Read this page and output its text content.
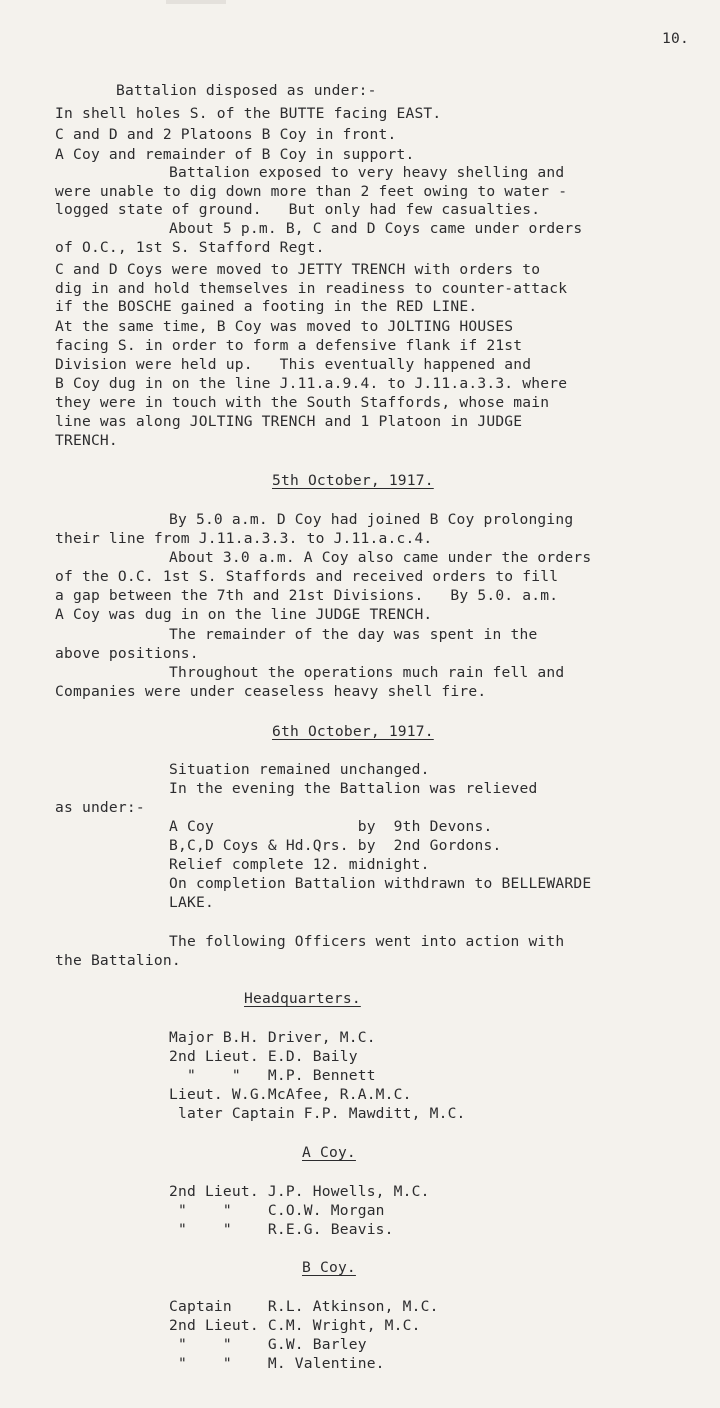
10.
Battalion disposed as under:-
In shell holes S. of the BUTTE facing EAST.
C and D and 2 Platoons B Coy in front.
A Coy and remainder of B Coy in support.
Battalion exposed to very heavy shelling and
were unable to dig down more than 2 feet owing to water -
logged state of ground.   But only had few casualties.
About 5 p.m. B, C and D Coys came under orders
of O.C., 1st S. Stafford Regt.
C and D Coys were moved to JETTY TRENCH with orders to
dig in and hold themselves in readiness to counter-attack
if the BOSCHE gained a footing in the RED LINE.
At the same time, B Coy was moved to JOLTING HOUSES
facing S. in order to form a defensive flank if 21st
Division were held up.   This eventually happened and
B Coy dug in on the line J.11.a.9.4. to J.11.a.3.3. where
they were in touch with the South Staffords, whose main
line was along JOLTING TRENCH and 1 Platoon in JUDGE
TRENCH.
5th October, 1917.
By 5.0 a.m. D Coy had joined B Coy prolonging
their line from J.11.a.3.3. to J.11.a.c.4.
About 3.0 a.m. A Coy also came under the orders
of the O.C. 1st S. Staffords and received orders to fill
a gap between the 7th and 21st Divisions.   By 5.0. a.m.
A Coy was dug in on the line JUDGE TRENCH.
The remainder of the day was spent in the
above positions.
Throughout the operations much rain fell and
Companies were under ceaseless heavy shell fire.
6th October, 1917.
Situation remained unchanged.
In the evening the Battalion was relieved
as under:-
A Coy                by  9th Devons.
B,C,D Coys & Hd.Qrs. by  2nd Gordons.
Relief complete 12. midnight.
On completion Battalion withdrawn to BELLEWARDE
LAKE.
The following Officers went into action with
the Battalion.
Headquarters.
Major B.H. Driver, M.C.
2nd Lieut. E.D. Baily
"    "   M.P. Bennett
Lieut. W.G.McAfee, R.A.M.C.
later Captain F.P. Mawditt, M.C.
A Coy.
2nd Lieut. J.P. Howells, M.C.
"    "    C.O.W. Morgan
"    "    R.E.G. Beavis.
B Coy.
Captain    R.L. Atkinson, M.C.
2nd Lieut. C.M. Wright, M.C.
"    "    G.W. Barley
"    "    M. Valentine.
